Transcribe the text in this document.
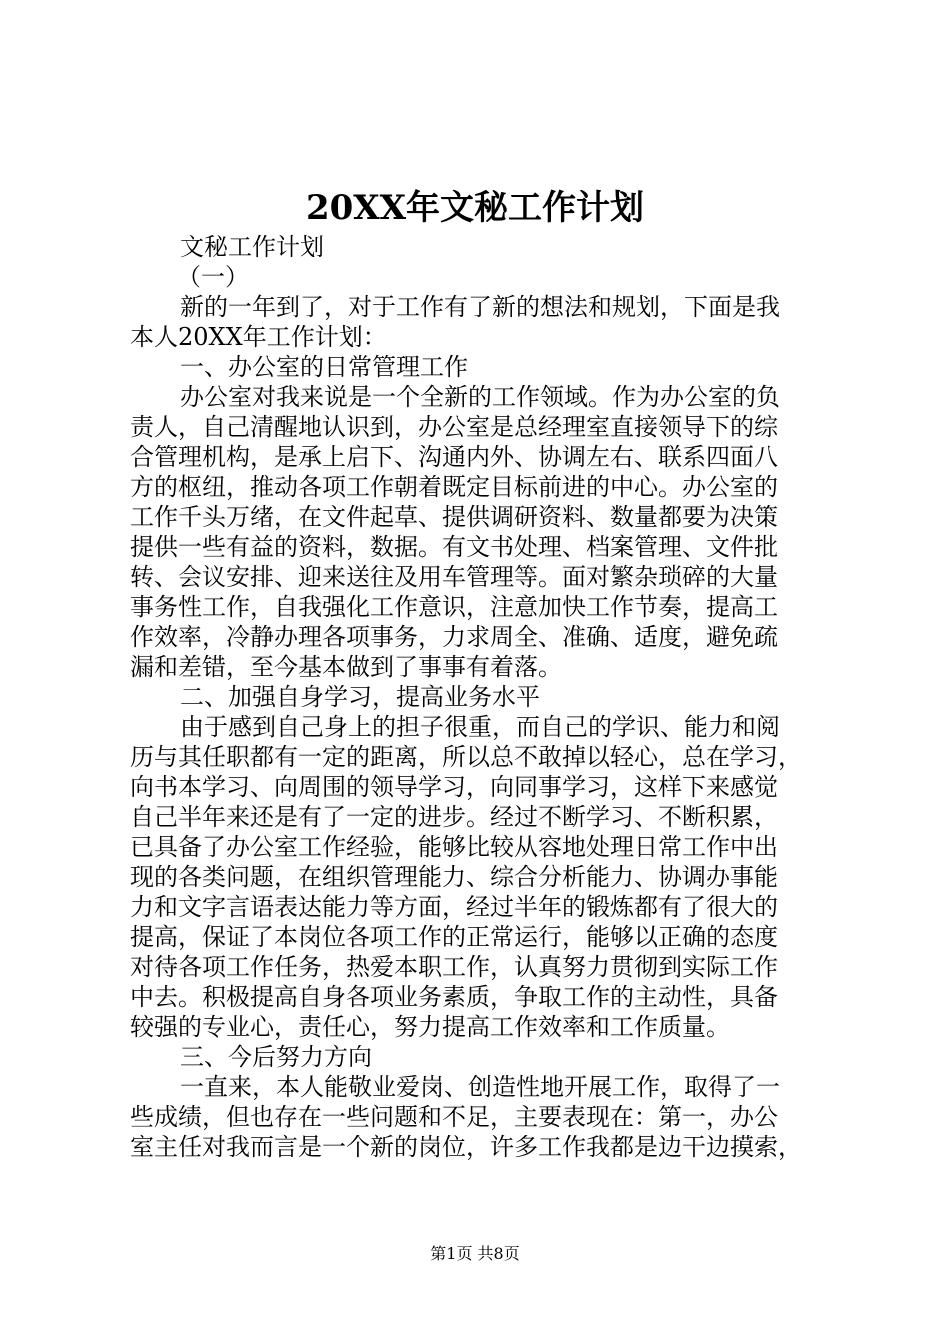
20XX年文秘工作计划
文秘工作计划
（一）
新的一年到了，对于工作有了新的想法和规划，下面是我
本人20XX年工作计划：
一、办公室的日常管理工作
办公室对我来说是一个全新的工作领域。作为办公室的负
责人，自己清醒地认识到，办公室是总经理室直接领导下的综
合管理机构，是承上启下、沟通内外、协调左右、联系四面八
方的枢纽，推动各项工作朝着既定目标前进的中心。办公室的
工作千头万绪，在文件起草、提供调研资料、数量都要为决策
提供一些有益的资料，数据。有文书处理、档案管理、文件批
转、会议安排、迎来送往及用车管理等。面对繁杂琐碎的大量
事务性工作，自我强化工作意识，注意加快工作节奏，提高工
作效率，冷静办理各项事务，力求周全、准确、适度，避免疏
漏和差错，至今基本做到了事事有着落。
二、加强自身学习，提高业务水平
由于感到自己身上的担子很重，而自己的学识、能力和阅
历与其任职都有一定的距离，所以总不敢掉以轻心，总在学习，
向书本学习、向周围的领导学习，向同事学习，这样下来感觉
自己半年来还是有了一定的进步。经过不断学习、不断积累，
已具备了办公室工作经验，能够比较从容地处理日常工作中出
现的各类问题，在组织管理能力、综合分析能力、协调办事能
力和文字言语表达能力等方面，经过半年的锻炼都有了很大的
提高，保证了本岗位各项工作的正常运行，能够以正确的态度
对待各项工作任务，热爱本职工作，认真努力贯彻到实际工作
中去。积极提高自身各项业务素质，争取工作的主动性，具备
较强的专业心，责任心，努力提高工作效率和工作质量。
三、今后努力方向
一直来，本人能敬业爱岗、创造性地开展工作，取得了一
些成绩，但也存在一些问题和不足，主要表现在：第一，办公
室主任对我而言是一个新的岗位，许多工作我都是边干边摸索，
第1页 共8页
